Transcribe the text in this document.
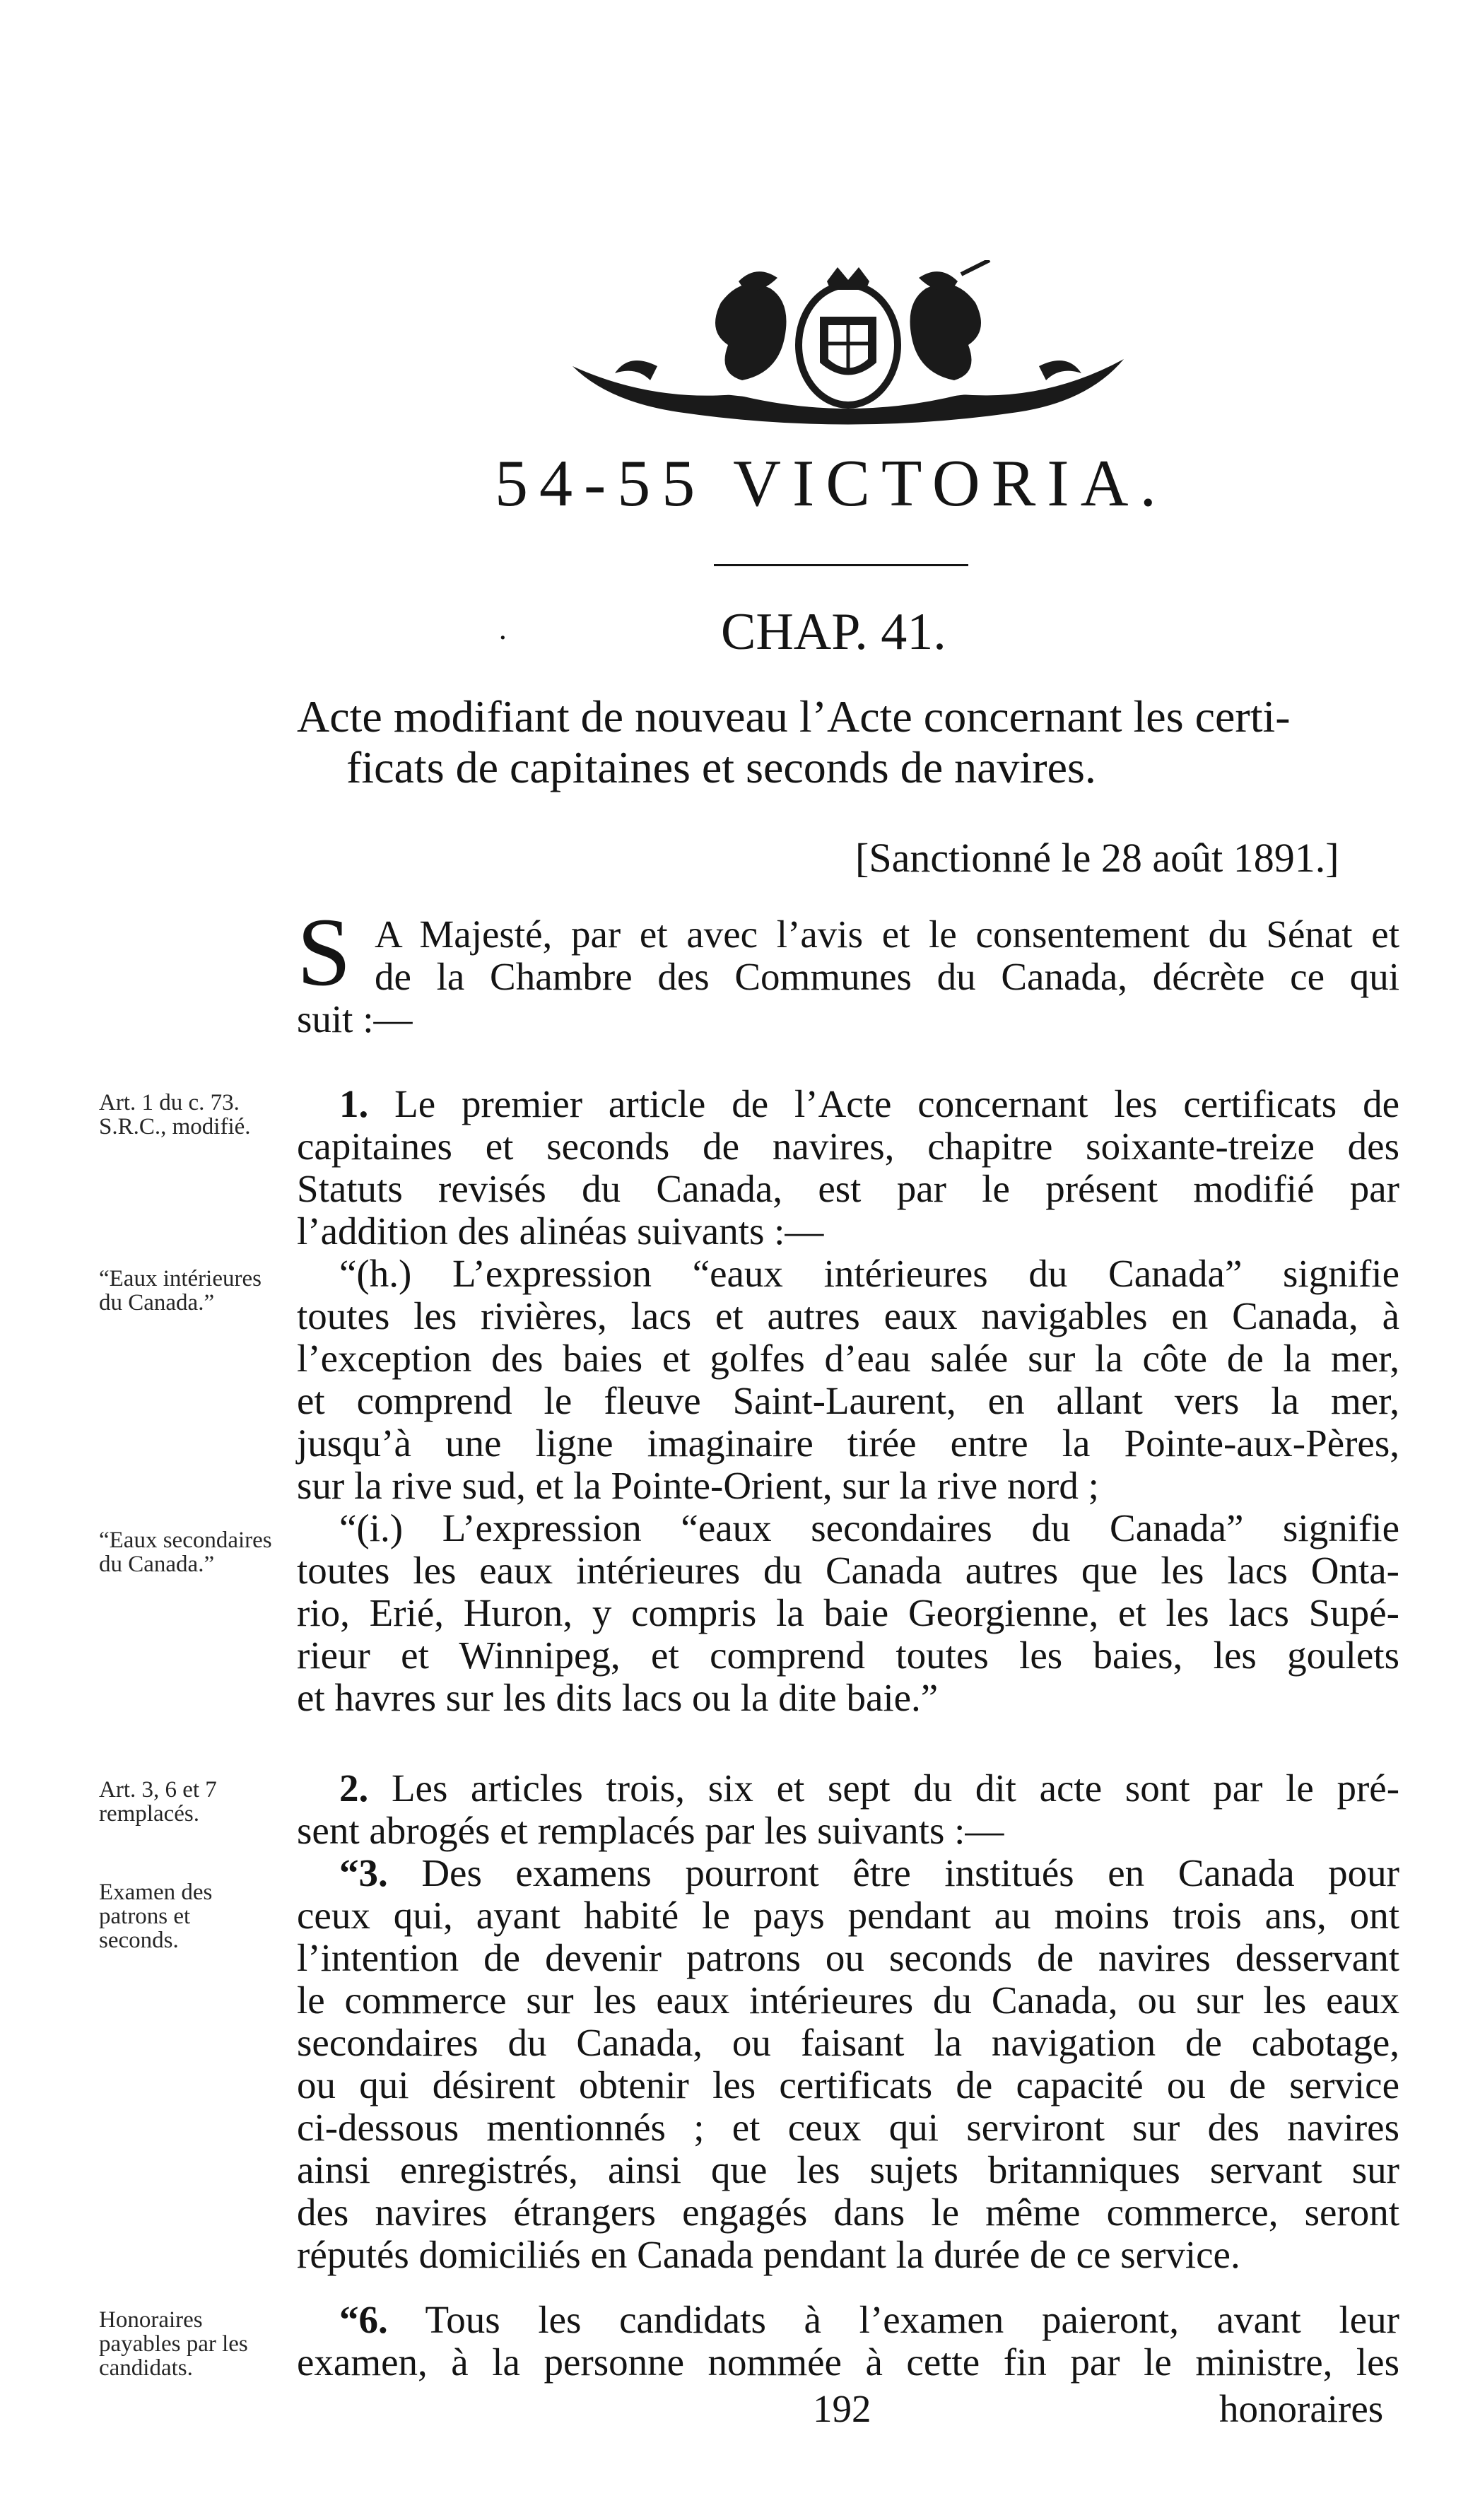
54-55 VICTORIA.
·	CHAP. 41.
Acte modifiant de nouveau l’Acte concernant les certi-
ficats de capitaines et seconds de navires.
[Sanctionné le 28 août 1891.]
S A Majesté, par et avec l’avis et le consentement du Sénat et
de la Chambre des Communes du Canada, décrète ce qui
suit :—
Art. 1 du c. 73. S.R.C., modifié.
“Eaux intérieures du Canada.”
“Eaux secondaires du Canada.”
Art. 3, 6 et 7 remplacés.
Examen des patrons et seconds.
Honoraires payables par les candidats.
1. Le premier article de l’Acte concernant les certificats de
capitaines et seconds de navires, chapitre soixante-treize des
Statuts revisés du Canada, est par le présent modifié par
l’addition des alinéas suivants :—
“(h.) L’expression “eaux intérieures du Canada” signifie
toutes les rivières, lacs et autres eaux navigables en Canada, à
l’exception des baies et golfes d’eau salée sur la côte de la mer,
et comprend le fleuve Saint-Laurent, en allant vers la mer,
jusqu’à une ligne imaginaire tirée entre la Pointe-aux-Pères,
sur la rive sud, et la Pointe-Orient, sur la rive nord ;
“(i.) L’expression “eaux secondaires du Canada” signifie
toutes les eaux intérieures du Canada autres que les lacs Onta-
rio, Erié, Huron, y compris la baie Georgienne, et les lacs Supé-
rieur et Winnipeg, et comprend toutes les baies, les goulets
et havres sur les dits lacs ou la dite baie.”
2. Les articles trois, six et sept du dit acte sont par le pré-
sent abrogés et remplacés par les suivants :—
“3. Des examens pourront être institués en Canada pour
ceux qui, ayant habité le pays pendant au moins trois ans, ont
l’intention de devenir patrons ou seconds de navires desservant
le commerce sur les eaux intérieures du Canada, ou sur les eaux
secondaires du Canada, ou faisant la navigation de cabotage,
ou qui désirent obtenir les certificats de capacité ou de service
ci-dessous mentionnés ; et ceux qui serviront sur des navires
ainsi enregistrés, ainsi que les sujets britanniques servant sur
des navires étrangers engagés dans le même commerce, seront
réputés domiciliés en Canada pendant la durée de ce service.
“6. Tous les candidats à l’examen paieront, avant leur
examen, à la personne nommée à cette fin par le ministre, les
192	honoraires
